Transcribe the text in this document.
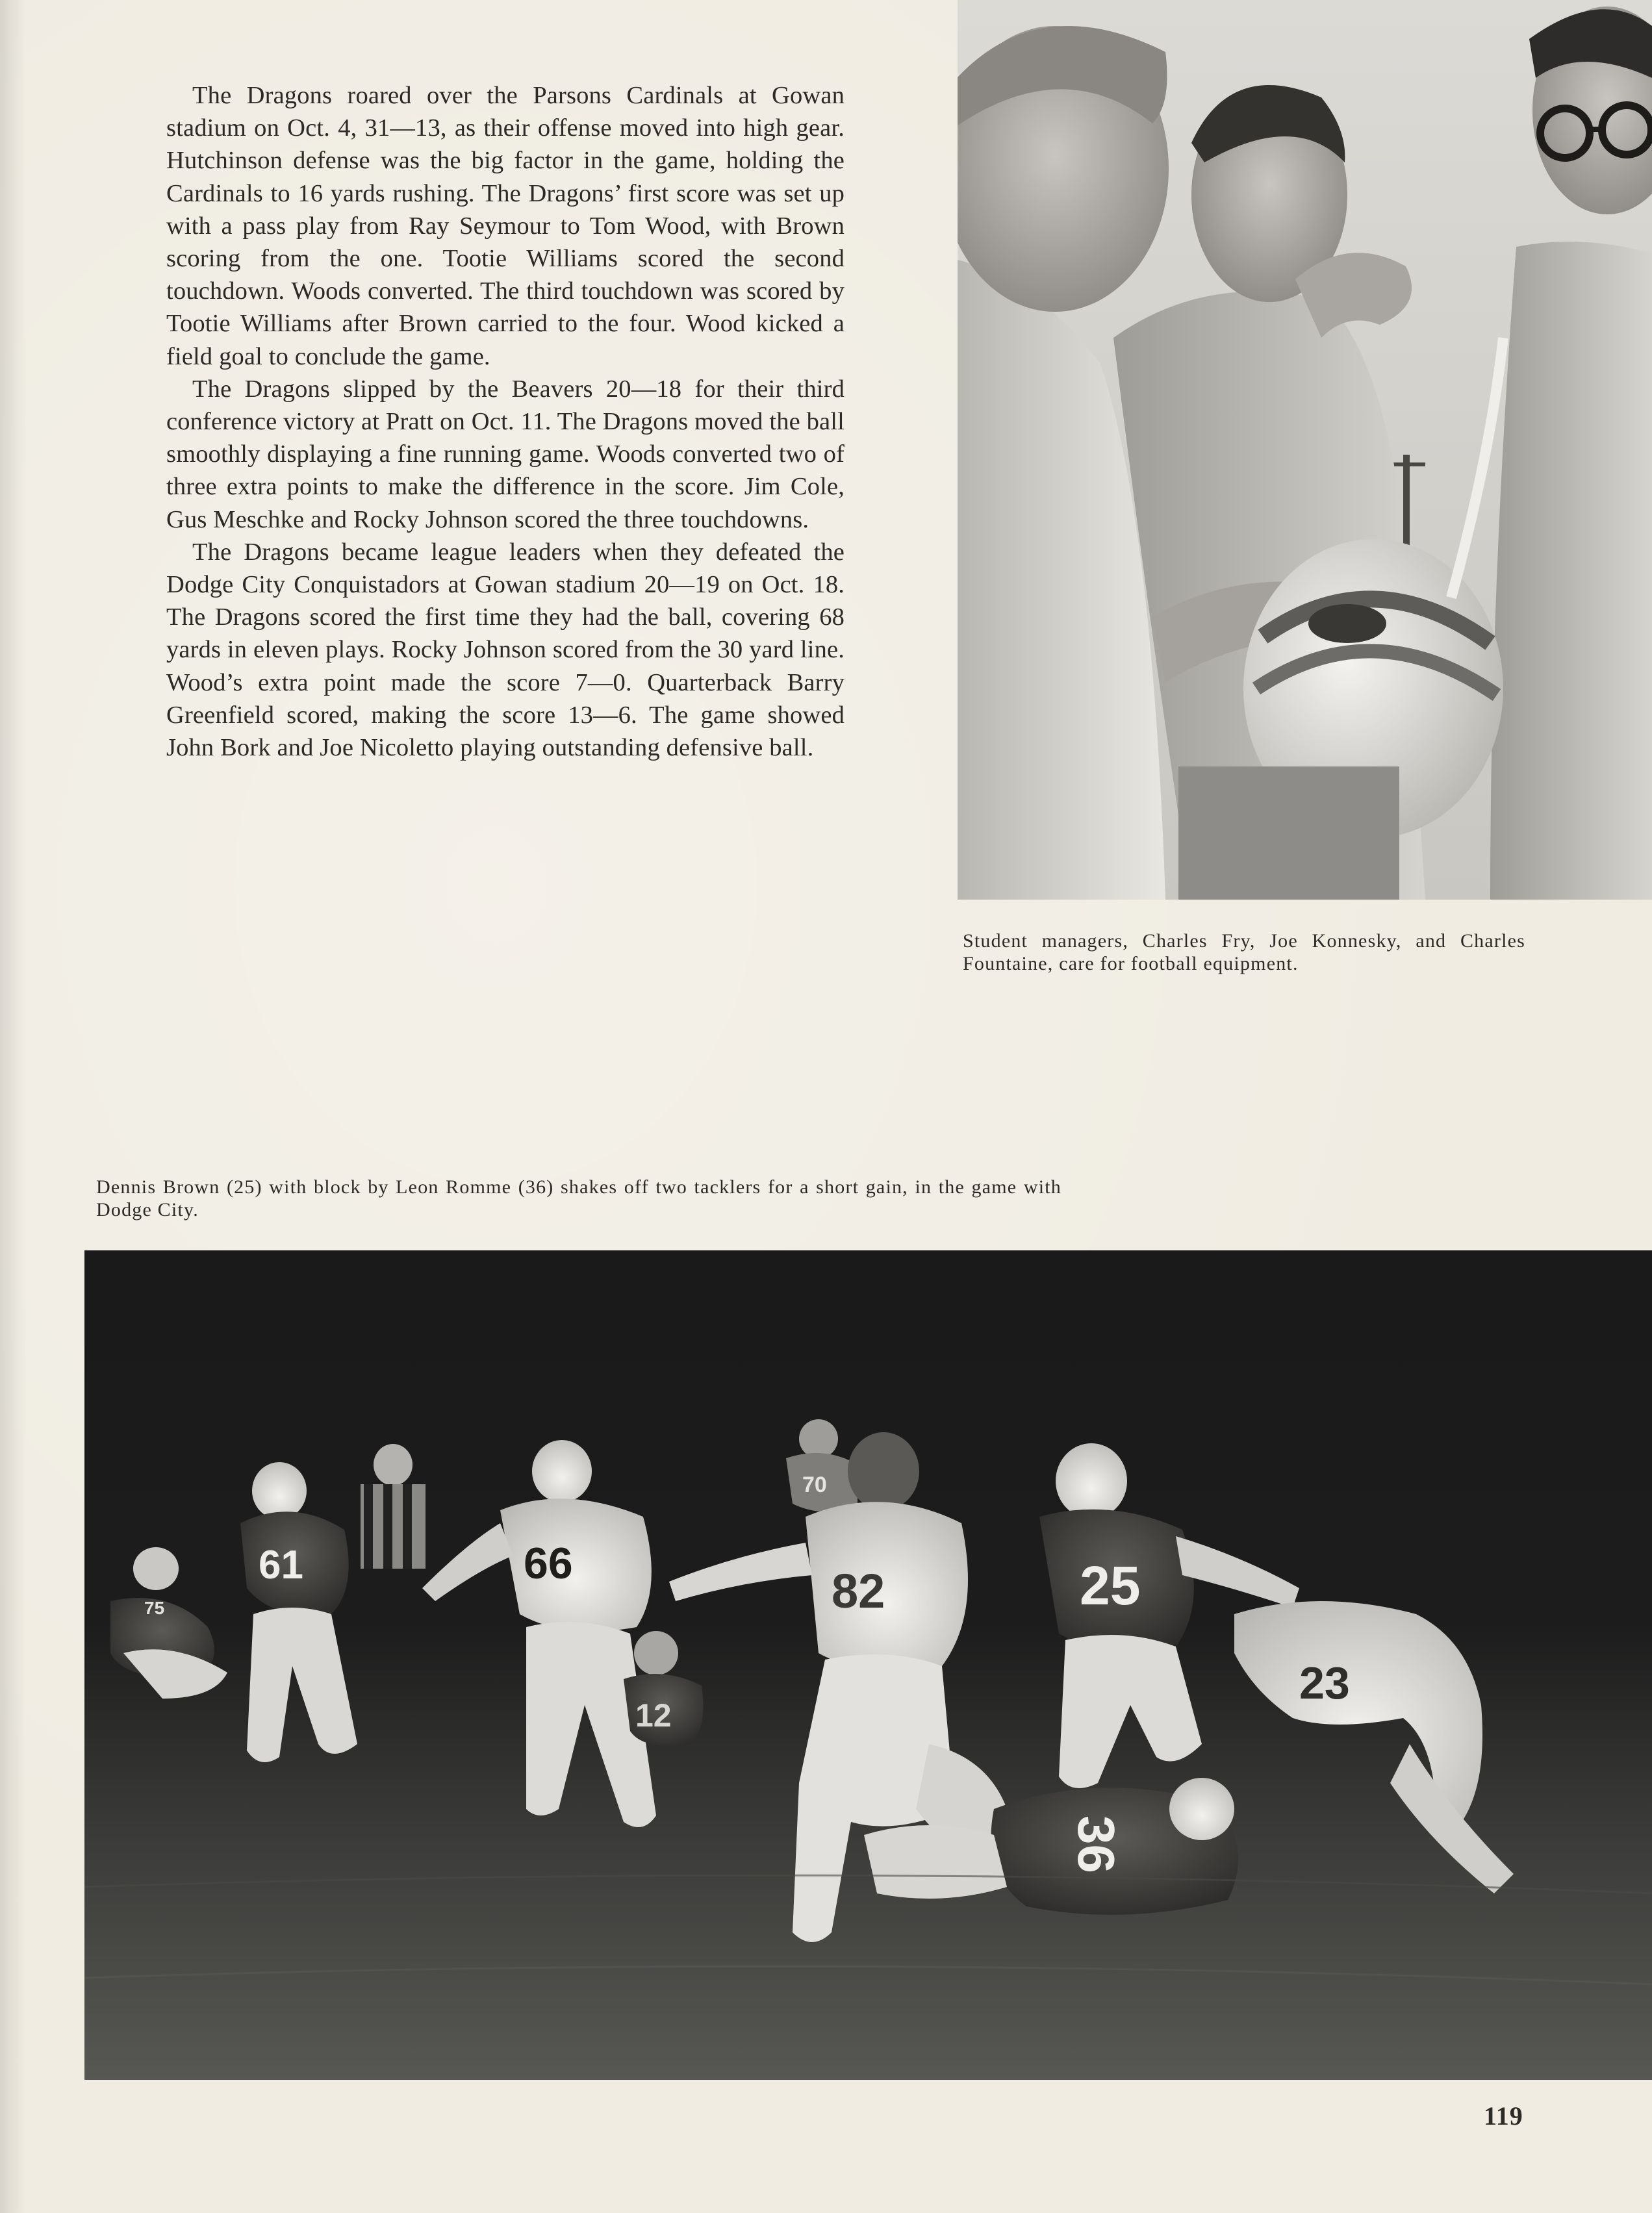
The Dragons roared over the Parsons Cardinals at Gowan stadium on Oct. 4, 31—13, as their offense moved into high gear. Hutchinson defense was the big factor in the game, holding the Cardinals to 16 yards rushing. The Dragons’ first score was set up with a pass play from Ray Seymour to Tom Wood, with Brown scoring from the one. Tootie Williams scored the second touchdown. Woods converted. The third touchdown was scored by Tootie Williams after Brown carried to the four. Wood kicked a field goal to conclude the game.

The Dragons slipped by the Beavers 20—18 for their third conference victory at Pratt on Oct. 11. The Dragons moved the ball smoothly displaying a fine running game. Woods converted two of three extra points to make the difference in the score. Jim Cole, Gus Meschke and Rocky Johnson scored the three touchdowns.

The Dragons became league leaders when they defeated the Dodge City Conquistadors at Gowan stadium 20—19 on Oct. 18. The Dragons scored the first time they had the ball, covering 68 yards in eleven plays. Rocky Johnson scored from the 30 yard line. Wood’s extra point made the score 7—0. Quarterback Barry Greenfield scored, making the score 13—6. The game showed John Bork and Joe Nicoletto playing outstanding defensive ball.

Student managers, Charles Fry, Joe Konnesky, and Charles Fountaine, care for football equipment.
Dennis Brown (25) with block by Leon Romme (36) shakes off two tacklers for a short gain, in the game with Dodge City.
75
61	66
12
70
82	25
23
36
119
